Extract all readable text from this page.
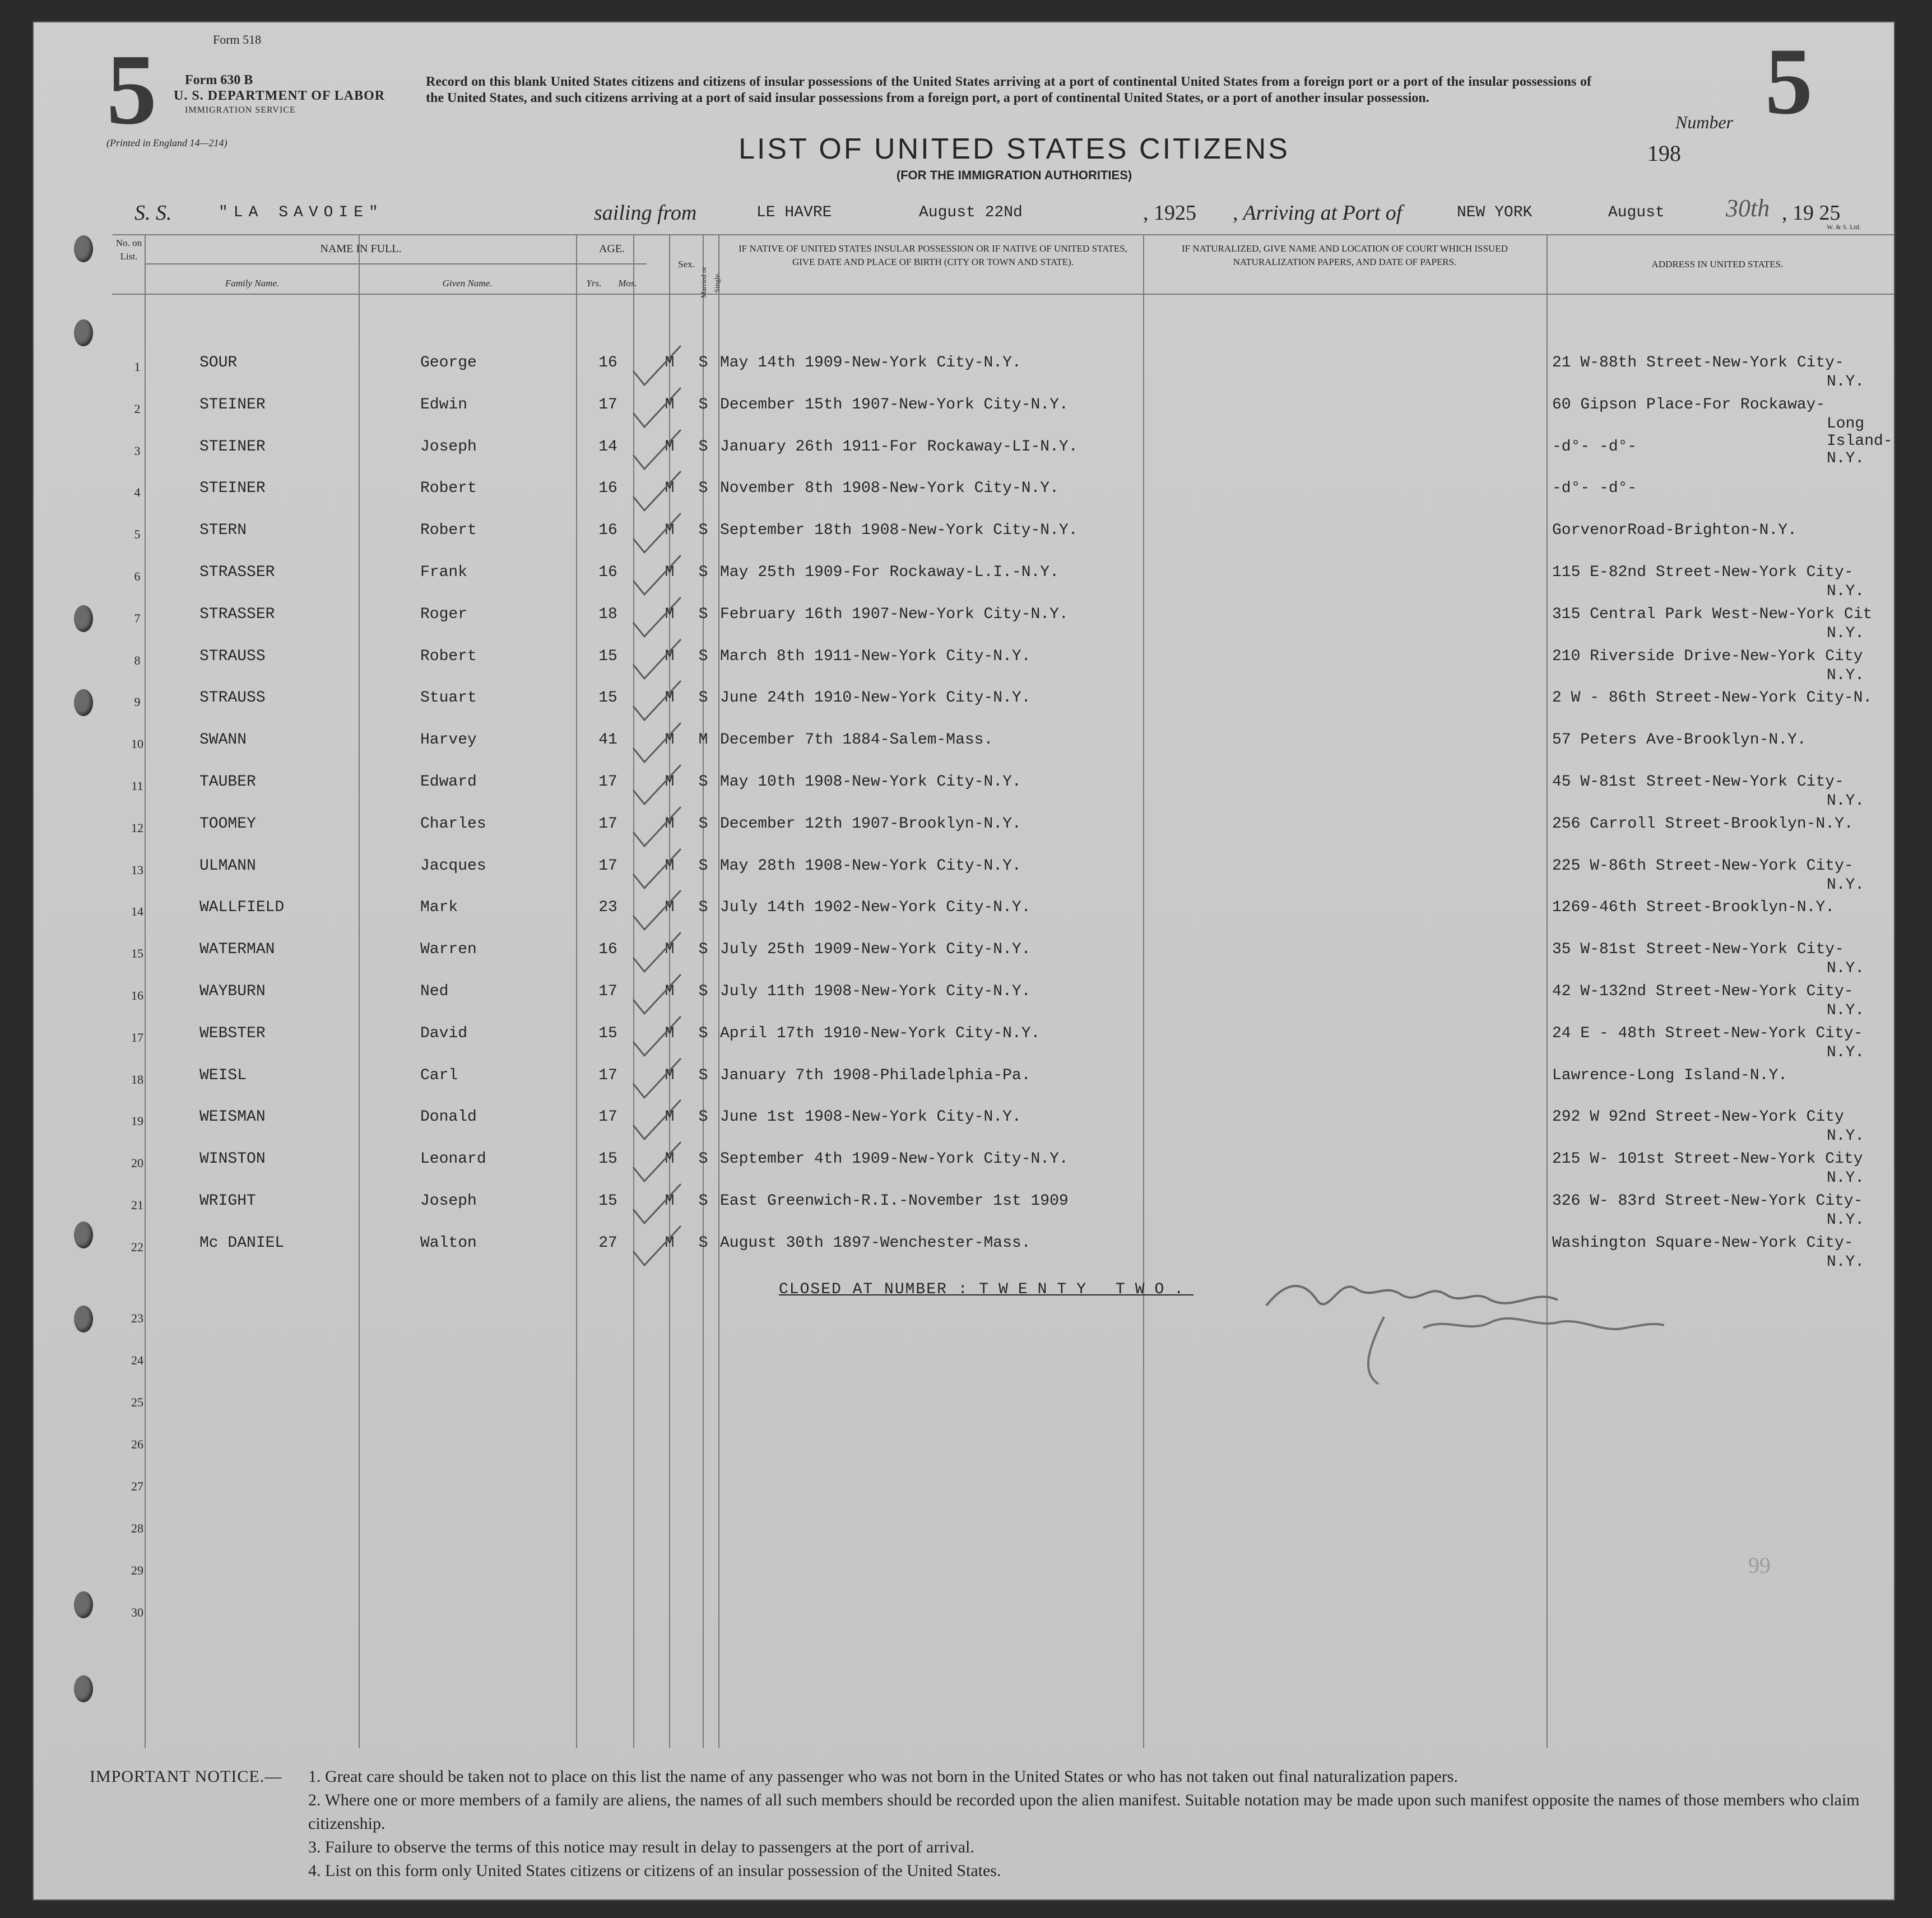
5	5
Form 518
Form 630 B
U. S. DEPARTMENT OF LABOR
IMMIGRATION SERVICE
(Printed in England 14—214)
Record on this blank United States citizens and citizens of insular possessions of the United States arriving at a port of continental United States from a foreign port or a port of the insular possessions of the United States, and such citizens arriving at a port of said insular possessions from a foreign port, a port of continental United States, or a port of another insular possession.
LIST OF UNITED STATES CITIZENS
(FOR THE IMMIGRATION AUTHORITIES)
Number
198
S. S.	"LA SAVOIE"	sailing from	LE HAVRE	August 22Nd	, 1925 , Arriving at Port of	NEW YORK	August 30th , 19 25
W. & S. Ltd.
No. on List.
NAME IN FULL.
Family Name.	Given Name.
AGE.
Yrs.	Mos.
Sex.
Married or Single.
IF NATIVE OF UNITED STATES INSULAR POSSESSION OR IF NATIVE OF UNITED STATES, GIVE DATE AND PLACE OF BIRTH (CITY OR TOWN AND STATE).
IF NATURALIZED, GIVE NAME AND LOCATION OF COURT WHICH ISSUED NATURALIZATION PAPERS, AND DATE OF PAPERS.	ADDRESS IN UNITED STATES.
1	SOUR	George	16	M	S May 14th 1909-New-York City-N.Y.	21 W-88th Street-New-York City-
N.Y.
2	STEINER	Edwin	17	M	S December 15th 1907-New-York City-N.Y.	60 Gipson Place-For Rockaway-
Long Island-N.Y.
3	STEINER	Joseph	14	M	S January 26th 1911-For Rockaway-LI-N.Y.	-d°- -d°-
4	STEINER	Robert	16	M	S November 8th 1908-New-York City-N.Y.	-d°- -d°-
5	STERN	Robert	16	M	S September 18th 1908-New-York City-N.Y.	GorvenorRoad-Brighton-N.Y.
6	STRASSER	Frank	16	M	S May 25th 1909-For Rockaway-L.I.-N.Y.	115 E-82nd Street-New-York City-
N.Y.
7	STRASSER	Roger	18	M	S February 16th 1907-New-York City-N.Y.	315 Central Park West-New-York Cit
N.Y.
8	STRAUSS	Robert	15	M	S March 8th 1911-New-York City-N.Y.	210 Riverside Drive-New-York City
N.Y.
9	STRAUSS	Stuart	15	M	S June 24th 1910-New-York City-N.Y.	2 W - 86th Street-New-York City-N.
10	SWANN	Harvey	41	M	M December 7th 1884-Salem-Mass.	57 Peters Ave-Brooklyn-N.Y.
11	TAUBER	Edward	17	M	S May 10th 1908-New-York City-N.Y.	45 W-81st Street-New-York City-
N.Y.
12	TOOMEY	Charles	17	M	S December 12th 1907-Brooklyn-N.Y.	256 Carroll Street-Brooklyn-N.Y.
13	ULMANN	Jacques	17	M	S May 28th 1908-New-York City-N.Y.	225 W-86th Street-New-York City-
N.Y.
14	WALLFIELD	Mark	23	M	S July 14th 1902-New-York City-N.Y.	1269-46th Street-Brooklyn-N.Y.
15	WATERMAN	Warren	16	M	S July 25th 1909-New-York City-N.Y.	35 W-81st Street-New-York City-
N.Y.
16	WAYBURN	Ned	17	M	S July 11th 1908-New-York City-N.Y.	42 W-132nd Street-New-York City-
N.Y.
17	WEBSTER	David	15	M	S April 17th 1910-New-York City-N.Y.	24 E - 48th Street-New-York City-
N.Y.
18	WEISL	Carl	17	M	S January 7th 1908-Philadelphia-Pa.	Lawrence-Long Island-N.Y.
19	WEISMAN	Donald	17	M	S June 1st 1908-New-York City-N.Y.	292 W 92nd Street-New-York City
N.Y.
20	WINSTON	Leonard	15	M	S September 4th 1909-New-York City-N.Y.	215 W- 101st Street-New-York City
N.Y.
21	WRIGHT	Joseph	15	M	S East Greenwich-R.I.-November 1st 1909	326 W- 83rd Street-New-York City-
N.Y.
22	Mc DANIEL	Walton	27	M	S August 30th 1897-Wenchester-Mass.	Washington Square-New-York City-
N.Y.
CLOSED AT NUMBER : TWENTY TWO.
23
24
25
26
27
28
29
30
99
IMPORTANT NOTICE.— 1. Great care should be taken not to place on this list the name of any passenger who was not born in the United States or who has not taken out final naturalization papers.
2. Where one or more members of a family are aliens, the names of all such members should be recorded upon the alien manifest. Suitable notation may be made upon such manifest opposite the names of those members who claim citizenship.
3. Failure to observe the terms of this notice may result in delay to passengers at the port of arrival.
4. List on this form only United States citizens or citizens of an insular possession of the United States.
